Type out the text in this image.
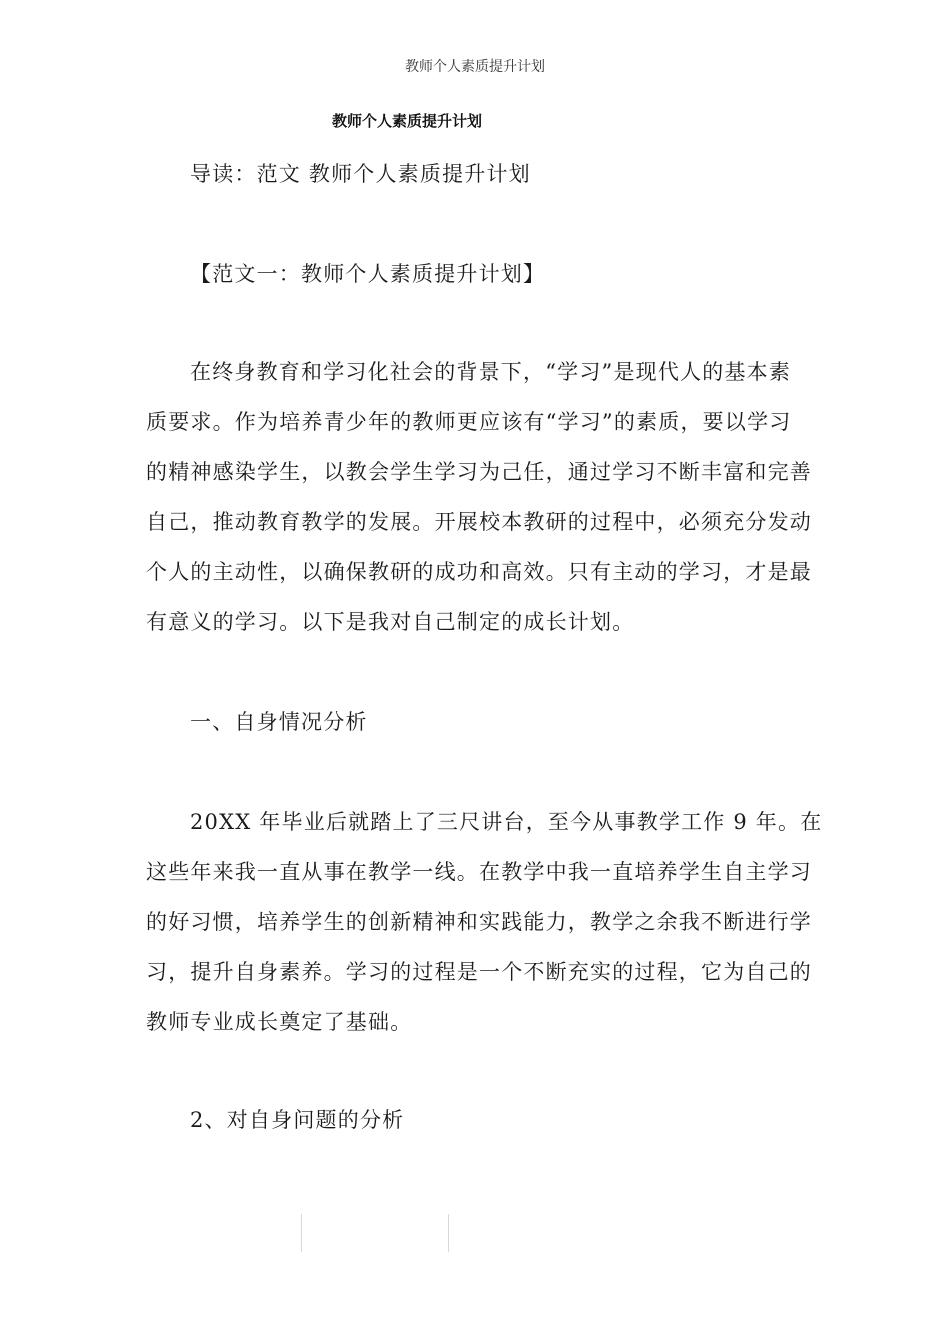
教师个人素质提升计划
教师个人素质提升计划
导读：范文 教师个人素质提升计划
【范文一：教师个人素质提升计划】
在终身教育和学习化社会的背景下，“学习”是现代人的基本素
质要求。作为培养青少年的教师更应该有“学习”的素质，要以学习
的精神感染学生，以教会学生学习为己任，通过学习不断丰富和完善
自己，推动教育教学的发展。开展校本教研的过程中，必须充分发动
个人的主动性，以确保教研的成功和高效。只有主动的学习，才是最
有意义的学习。以下是我对自己制定的成长计划。
一、自身情况分析
20XX 年毕业后就踏上了三尺讲台，至今从事教学工作 9 年。在
这些年来我一直从事在教学一线。在教学中我一直培养学生自主学习
的好习惯，培养学生的创新精神和实践能力，教学之余我不断进行学
习，提升自身素养。学习的过程是一个不断充实的过程，它为自己的
教师专业成长奠定了基础。
2、对自身问题的分析
